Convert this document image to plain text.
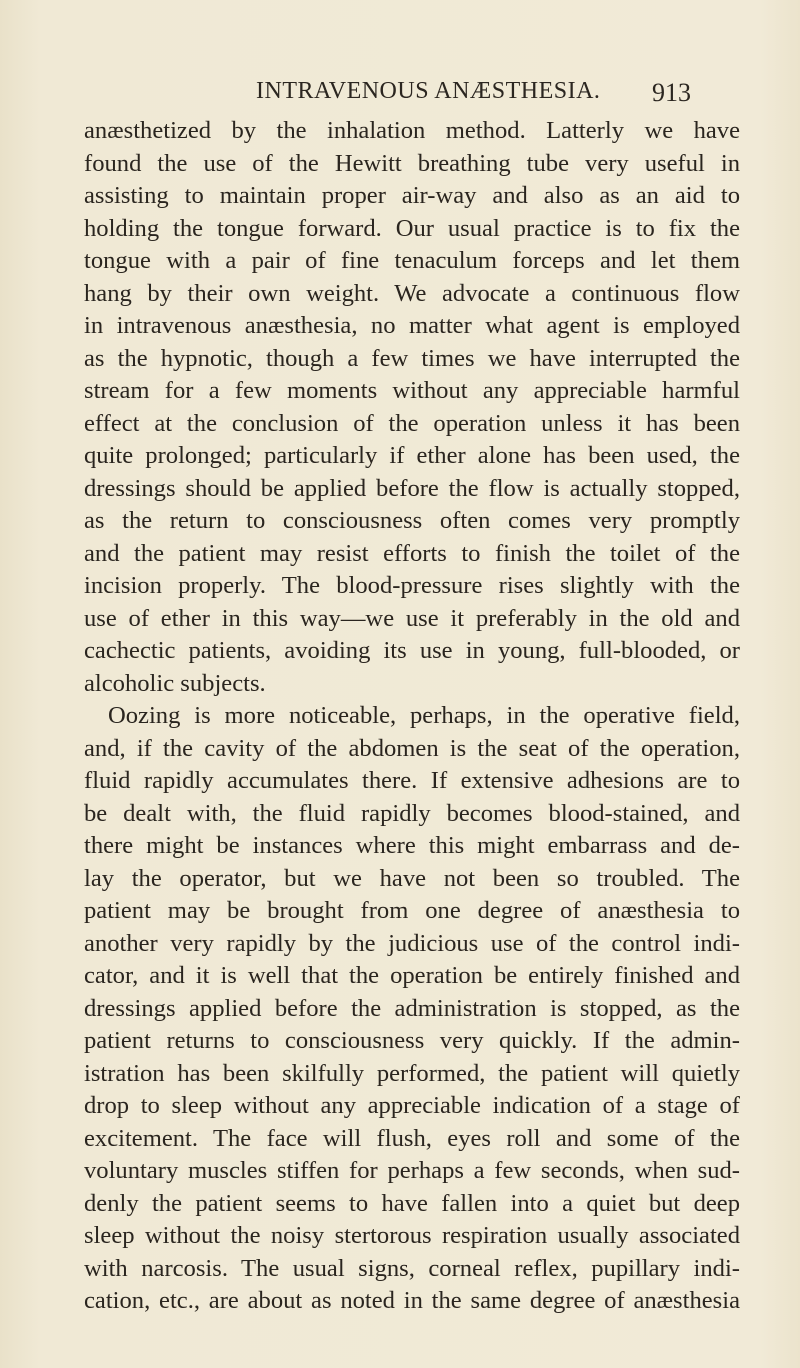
INTRAVENOUS ANÆSTHESIA. 913

anæsthetized by the inhalation method. Latterly we have
found the use of the Hewitt breathing tube very useful in
assisting to maintain proper air-way and also as an aid to
holding the tongue forward. Our usual practice is to fix the
tongue with a pair of fine tenaculum forceps and let them
hang by their own weight. We advocate a continuous flow
in intravenous anæsthesia, no matter what agent is employed
as the hypnotic, though a few times we have interrupted the
stream for a few moments without any appreciable harmful
effect at the conclusion of the operation unless it has been
quite prolonged; particularly if ether alone has been used, the
dressings should be applied before the flow is actually stopped,
as the return to consciousness often comes very promptly
and the patient may resist efforts to finish the toilet of the
incision properly. The blood-pressure rises slightly with the
use of ether in this way—we use it preferably in the old and
cachectic patients, avoiding its use in young, full-blooded, or
alcoholic subjects.

Oozing is more noticeable, perhaps, in the operative field,
and, if the cavity of the abdomen is the seat of the operation,
fluid rapidly accumulates there. If extensive adhesions are to
be dealt with, the fluid rapidly becomes blood-stained, and
there might be instances where this might embarrass and de-
lay the operator, but we have not been so troubled. The
patient may be brought from one degree of anæsthesia to
another very rapidly by the judicious use of the control indi-
cator, and it is well that the operation be entirely finished and
dressings applied before the administration is stopped, as the
patient returns to consciousness very quickly. If the admin-
istration has been skilfully performed, the patient will quietly
drop to sleep without any appreciable indication of a stage of
excitement. The face will flush, eyes roll and some of the
voluntary muscles stiffen for perhaps a few seconds, when sud-
denly the patient seems to have fallen into a quiet but deep
sleep without the noisy stertorous respiration usually associated
with narcosis. The usual signs, corneal reflex, pupillary indi-
cation, etc., are about as noted in the same degree of anæsthesia
